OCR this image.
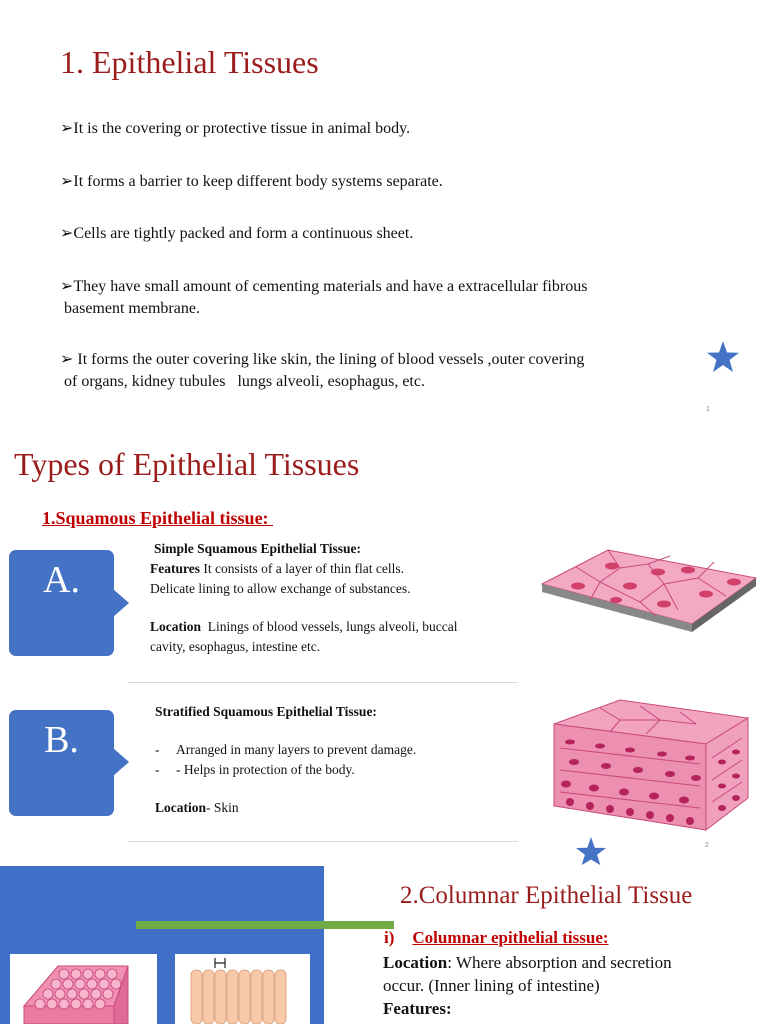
1. Epithelial Tissues
➢It is the covering or protective tissue in animal body.
➢It forms a barrier to keep different body systems separate.
➢Cells are tightly packed and form a continuous sheet.
➢They have small amount of cementing materials and have a extracellular fibrous
basement membrane.
➢ It forms the outer covering like skin, the lining of blood vessels ,outer covering
of organs, kidney tubules   lungs alveoli, esophagus, etc.
1
Types of Epithelial Tissues
1.Squamous Epithelial tissue:
A.
Simple Squamous Epithelial Tissue:
Features It consists of a layer of thin flat cells.
Delicate lining to allow exchange of substances.
Location  Linings of blood vessels, lungs alveoli, buccal
cavity, esophagus, intestine etc.
B.
Stratified Squamous Epithelial Tissue:
- Arranged in many layers to prevent damage.
- - Helps in protection of the body.
Location- Skin
2
2.Columnar Epithelial Tissue
i) Columnar epithelial tissue:
Location: Where absorption and secretion
occur. (Inner lining of intestine)
Features:
